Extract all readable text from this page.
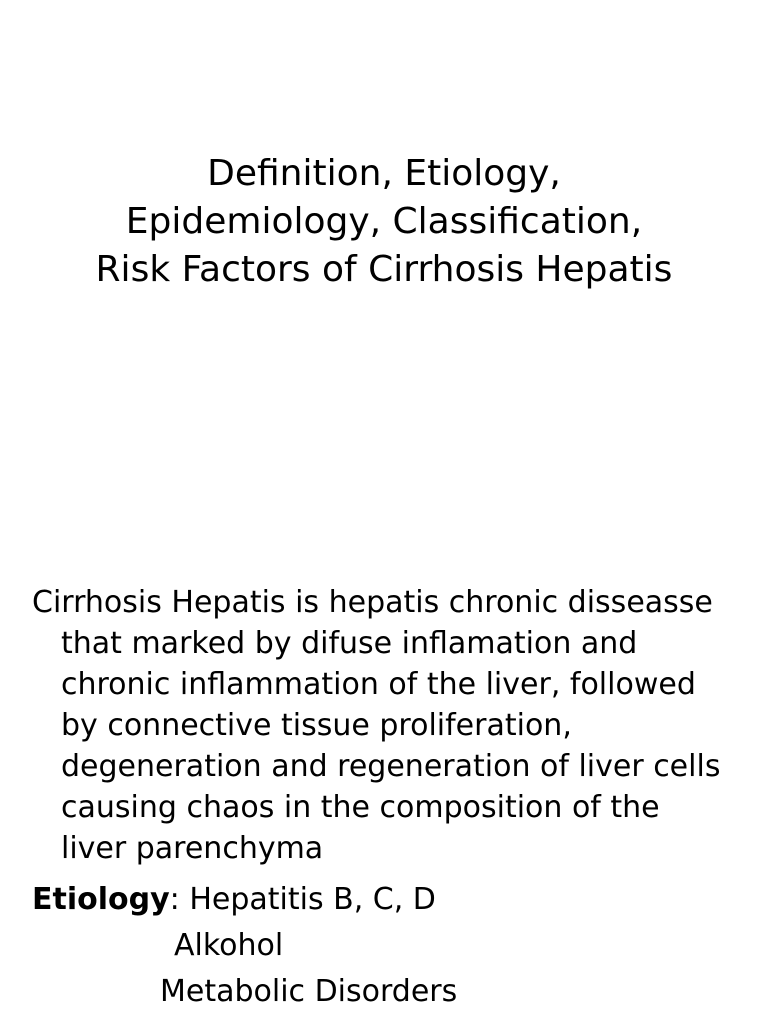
Definition, Etiology,
Epidemiology, Classification,
Risk Factors of Cirrhosis Hepatis

Cirrhosis Hepatis is hepatis chronic disseasse that marked by difuse inflamation and chronic inflammation of the liver, followed by connective tissue proliferation, degeneration and regeneration of liver cells causing chaos in the composition of the liver parenchyma

Etiology: Hepatitis B, C, D
Alkohol
Metabolic Disorders
